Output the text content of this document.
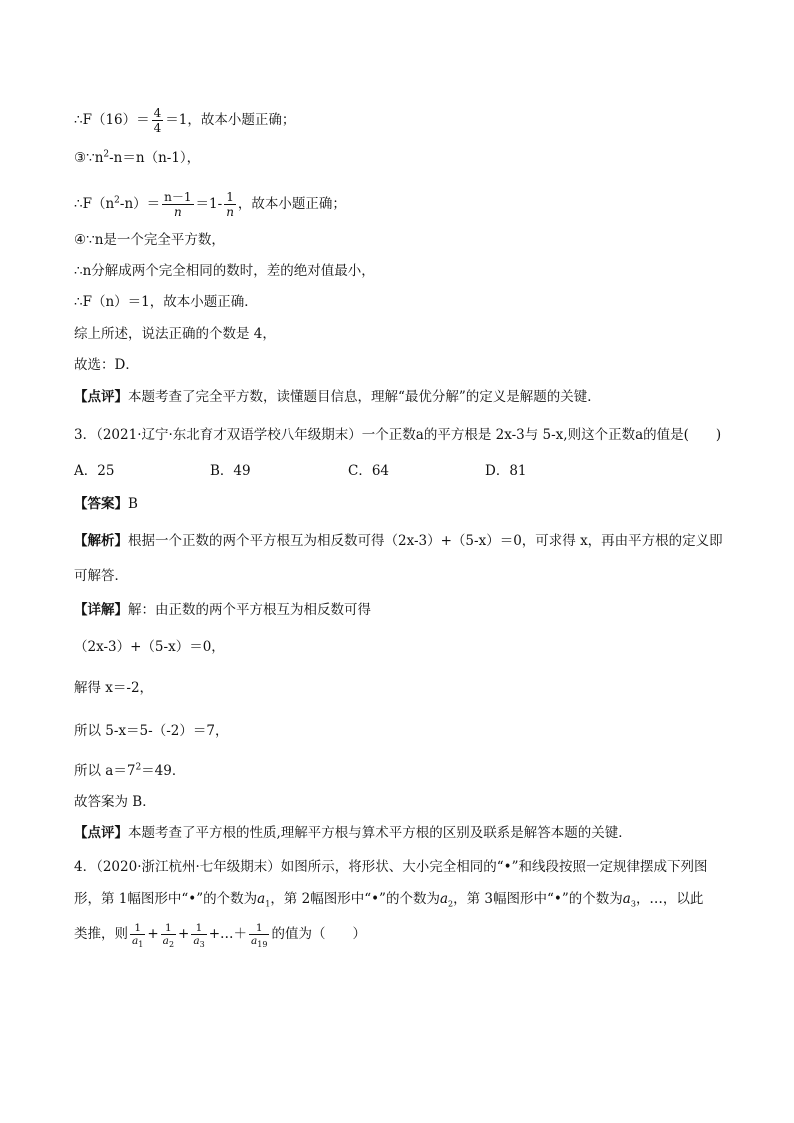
∴F（16）＝ $\frac{4}{4} =1$，故本小题正确；
$③\because n^2-n=n(n-1)$，
$\therefore F(n^2-n)= \frac{n-1}{n} =1- \frac{1}{n}$ ，故本小题正确；
④∵n是一个完全平方数，
∴n分解成两个完全相同的数时，差的绝对值最小，
∴F（n）＝1，故本小题正确．
综上所述，说法正确的个数是 4，
故选：D．
【点评】本题考查了完全平方数，读懂题目信息，理解“最优分解”的定义是解题的关键．
3．（2021·辽宁·东北育才双语学校八年级期末）一个正数a的平方根是 2x-3与 5-x,则这个正数a的值是(　　)
A．25	B．49	C．64	D．81
【答案】B
【解析】根据一个正数的两个平方根互为相反数可得（2x-3）+（5-x）＝0，可求得 x，再由平方根的定义即
可解答．
【详解】解：由正数的两个平方根互为相反数可得
（2x-3）+（5-x）＝0，
解得 x＝-2，
所以 5-x＝5-（-2）＝7，
所以 $a=7^2=49$．
故答案为 B．
【点评】本题考查了平方根的性质,理解平方根与算术平方根的区别及联系是解答本题的关键．
4．（2020·浙江杭州·七年级期末）如图所示，将形状、大小完全相同的“•”和线段按照一定规律摆成下列图
形，第 1幅图形中“•”的个数为$a_1$，第 2幅图形中“•”的个数为$a_2$，第 3幅图形中“•”的个数为$a_3$，…，以此
类推，则 $\frac{1}{a_1} + \frac{1}{a_2} + \frac{1}{a_3}$ +…＋ $\frac{1}{a_{19}}$ 的值为（　　）
